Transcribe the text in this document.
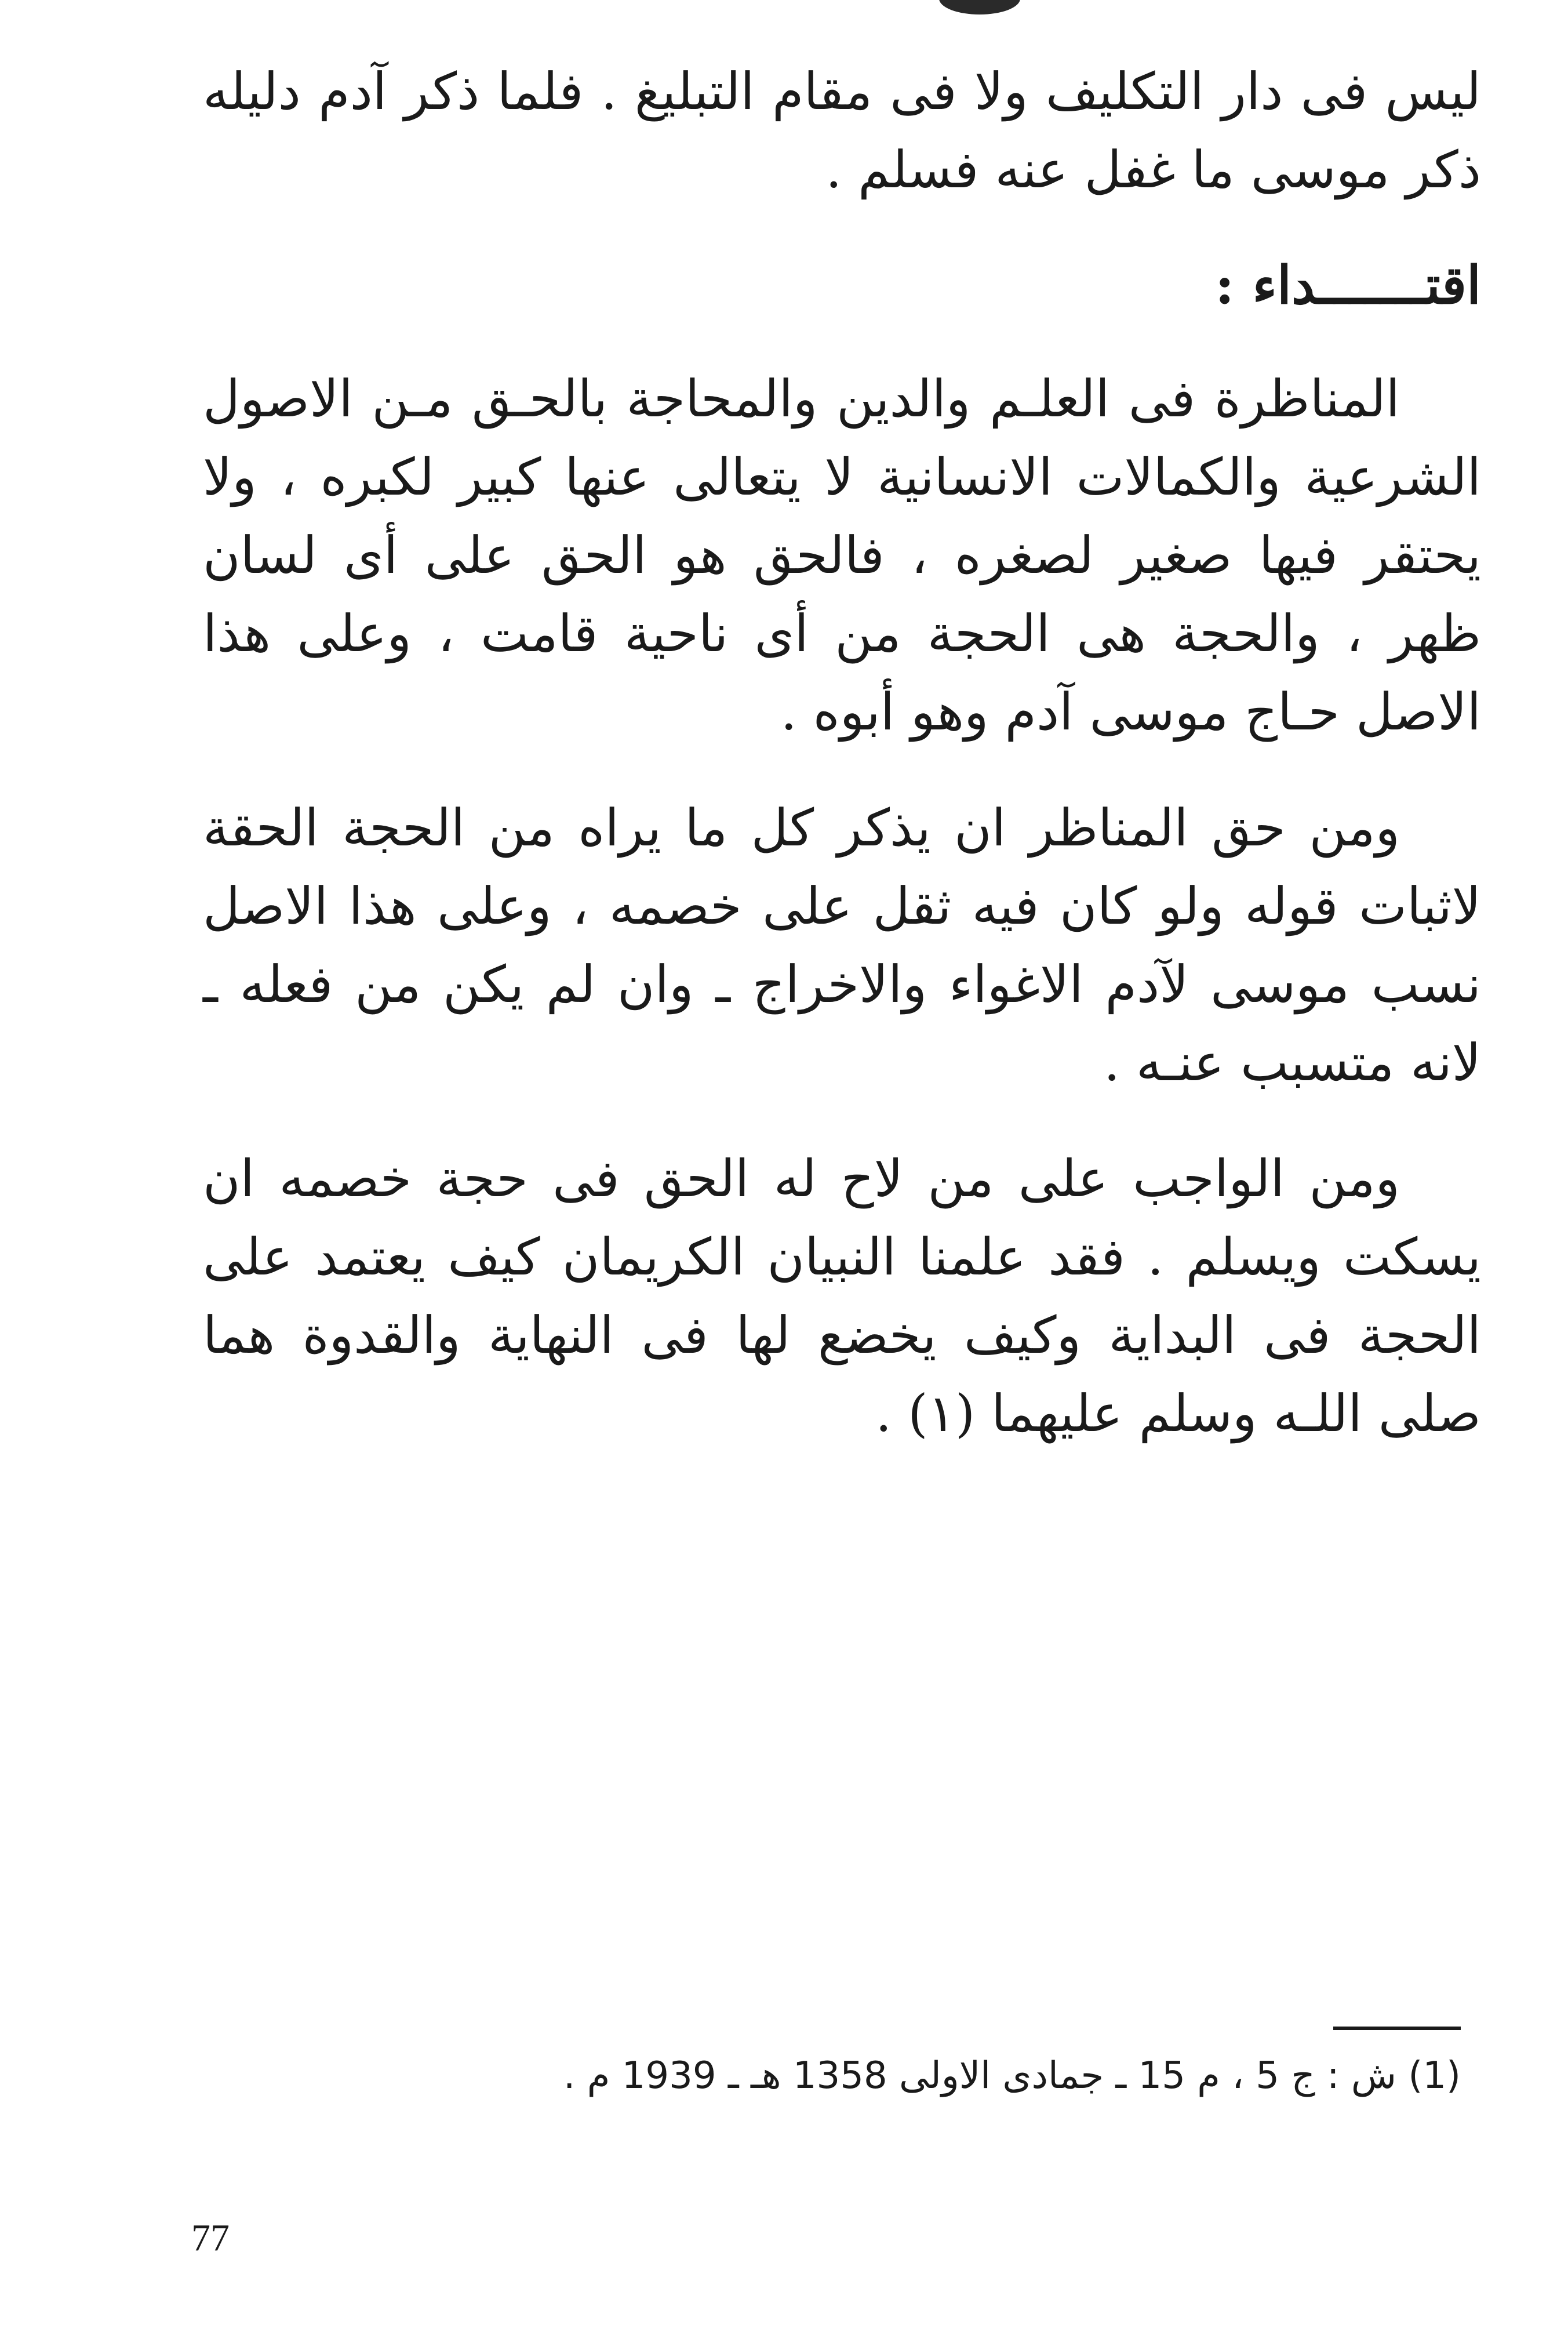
ليس فى دار التكليف ولا فى مقام التبليغ . فلما ذكر آدم دليله ذكر موسى ما غفل عنه فسلم .

اقتـــــــداء :

المناظرة فى العلـم والدين والمحاجة بالحـق مـن الاصول الشرعية والكمالات الانسانية لا يتعالى عنها كبير لكبره ، ولا يحتقر فيها صغير لصغره ، فالحق هو الحق على أى لسان ظهر ، والحجة هى الحجة من أى ناحية قامت ، وعلى هذا الاصل حـاج موسى آدم وهو أبوه .

ومن حق المناظر ان يذكر كل ما يراه من الحجة الحقة لاثبات قوله ولو كان فيه ثقل على خصمه ، وعلى هذا الاصل نسب موسى لآدم الاغواء والاخراج ـ وان لم يكن من فعله ـ لانه متسبب عنـه .

ومن الواجب على من لاح له الحق فى حجة خصمه ان يسكت ويسلم . فقد علمنا النبيان الكريمان كيف يعتمد على الحجة فى البداية وكيف يخضع لها فى النهاية والقدوة هما صلى اللـه وسلم عليهما (١) .

(1) ش : ج 5 ، م 15 ـ جمادى الاولى 1358 هـ ـ 1939 م .
77
